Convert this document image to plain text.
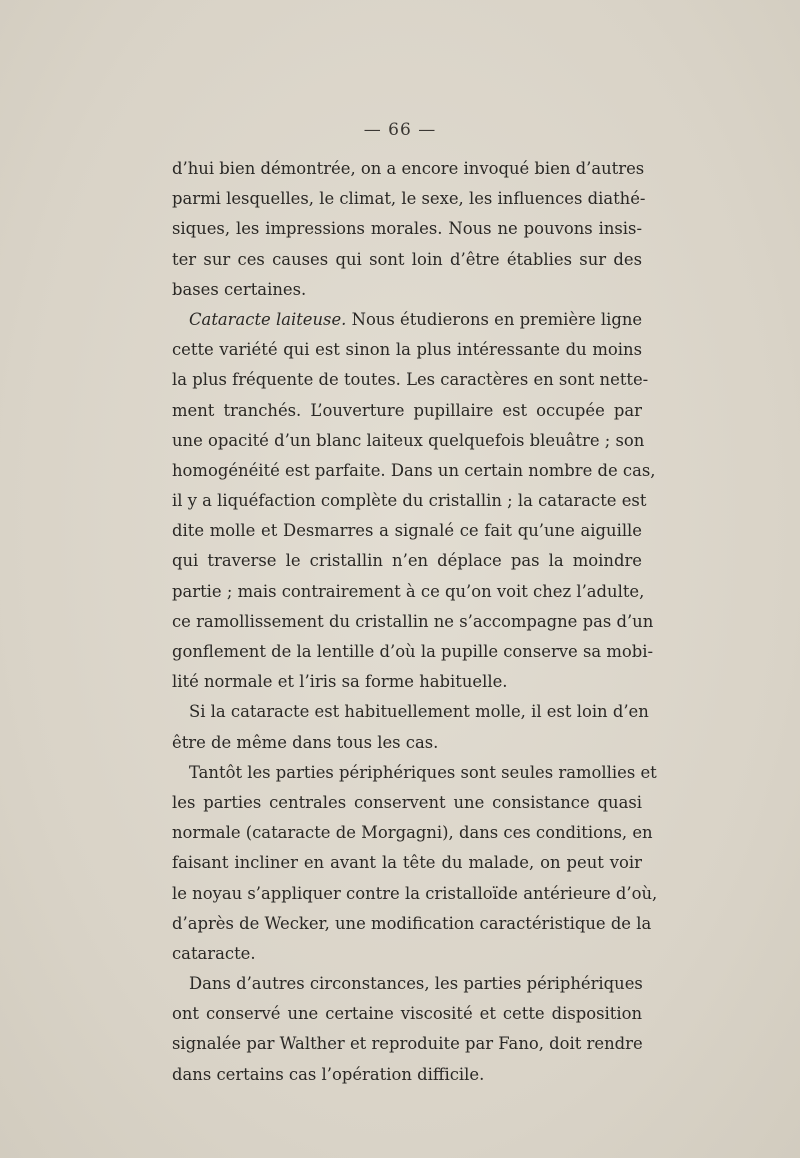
— 66 —
d’hui bien démontrée, on a encore invoqué bien d’autres
parmi lesquelles, le climat, le sexe, les influences diathé-
siques, les impressions morales. Nous ne pouvons insis-
ter sur ces causes qui sont loin d’être établies sur des
bases certaines.
Cataracte laiteuse. Nous étudierons en première ligne
cette variété qui est sinon la plus intéressante du moins
la plus fréquente de toutes. Les caractères en sont nette-
ment tranchés. L’ouverture pupillaire est occupée par
une opacité d’un blanc laiteux quelquefois bleuâtre ; son
homogénéité est parfaite. Dans un certain nombre de cas,
il y a liquéfaction complète du cristallin ; la cataracte est
dite molle et Desmarres a signalé ce fait qu’une aiguille
qui traverse le cristallin n’en déplace pas la moindre
partie ; mais contrairement à ce qu’on voit chez l’adulte,
ce ramollissement du cristallin ne s’accompagne pas d’un
gonflement de la lentille d’où la pupille conserve sa mobi-
lité normale et l’iris sa forme habituelle.
Si la cataracte est habituellement molle, il est loin d’en
être de même dans tous les cas.
Tantôt les parties périphériques sont seules ramollies et
les parties centrales conservent une consistance quasi
normale (cataracte de Morgagni), dans ces conditions, en
faisant incliner en avant la tête du malade, on peut voir
le noyau s’appliquer contre la cristalloïde antérieure d’où,
d’après de Wecker, une modification caractéristique de la
cataracte.
Dans d’autres circonstances, les parties périphériques
ont conservé une certaine viscosité et cette disposition
signalée par Walther et reproduite par Fano, doit rendre
dans certains cas l’opération difficile.
